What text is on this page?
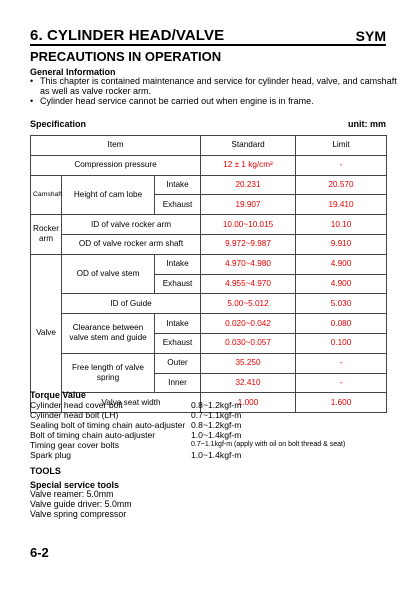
6. CYLINDER HEAD/VALVE	SYM
PRECAUTIONS IN OPERATION
General Information
• This chapter is contained maintenance and service for cylinder head, valve, and camshaft
as well as valve rocker arm.
• Cylinder head service cannot be carried out when engine is in frame.
Specification	unit: mm
Item			Standard	Limit
Compression pressure			12 ± 1 kg/cm²	-
Camshaft	Height of cam lobe	Intake	20.231	20.570
		Exhaust	19.907	19.410
Rocker arm	ID of valve rocker arm		10.00~10.015	10.10
	OD of valve rocker arm shaft		9.972~9.987	9.910
Valve	OD of valve stem	Intake	4.970~4.980	4.900
		Exhaust	4.955~4.970	4.900
	ID of Guide		5.00~5.012	5.030
	Clearance between valve stem and guide	Intake	0.020~0.042	0.080
		Exhaust	0.030~0.057	0.100
	Free length of valve spring	Outer	35.250	-
		Inner	32.410	-
	Valve seat width		1.000	1.600
Torque Value
Cylinder head cover bolt	0.8~1.2kgf-m
Cylinder head bolt (LH)	0.7~1.1kgf-m
Sealing bolt of timing chain auto-adjuster 0.8~1.2kgf-m
Bolt of timing chain auto-adjuster	1.0~1.4kgf-m
Timing gear cover bolts	0.7~1.1kgf-m (apply with oil on bolt thread & seat)
Spark plug	1.0~1.4kgf-m
TOOLS
Special service tools
Valve reamer: 5.0mm
Valve guide driver: 5.0mm
Valve spring compressor
6-2
